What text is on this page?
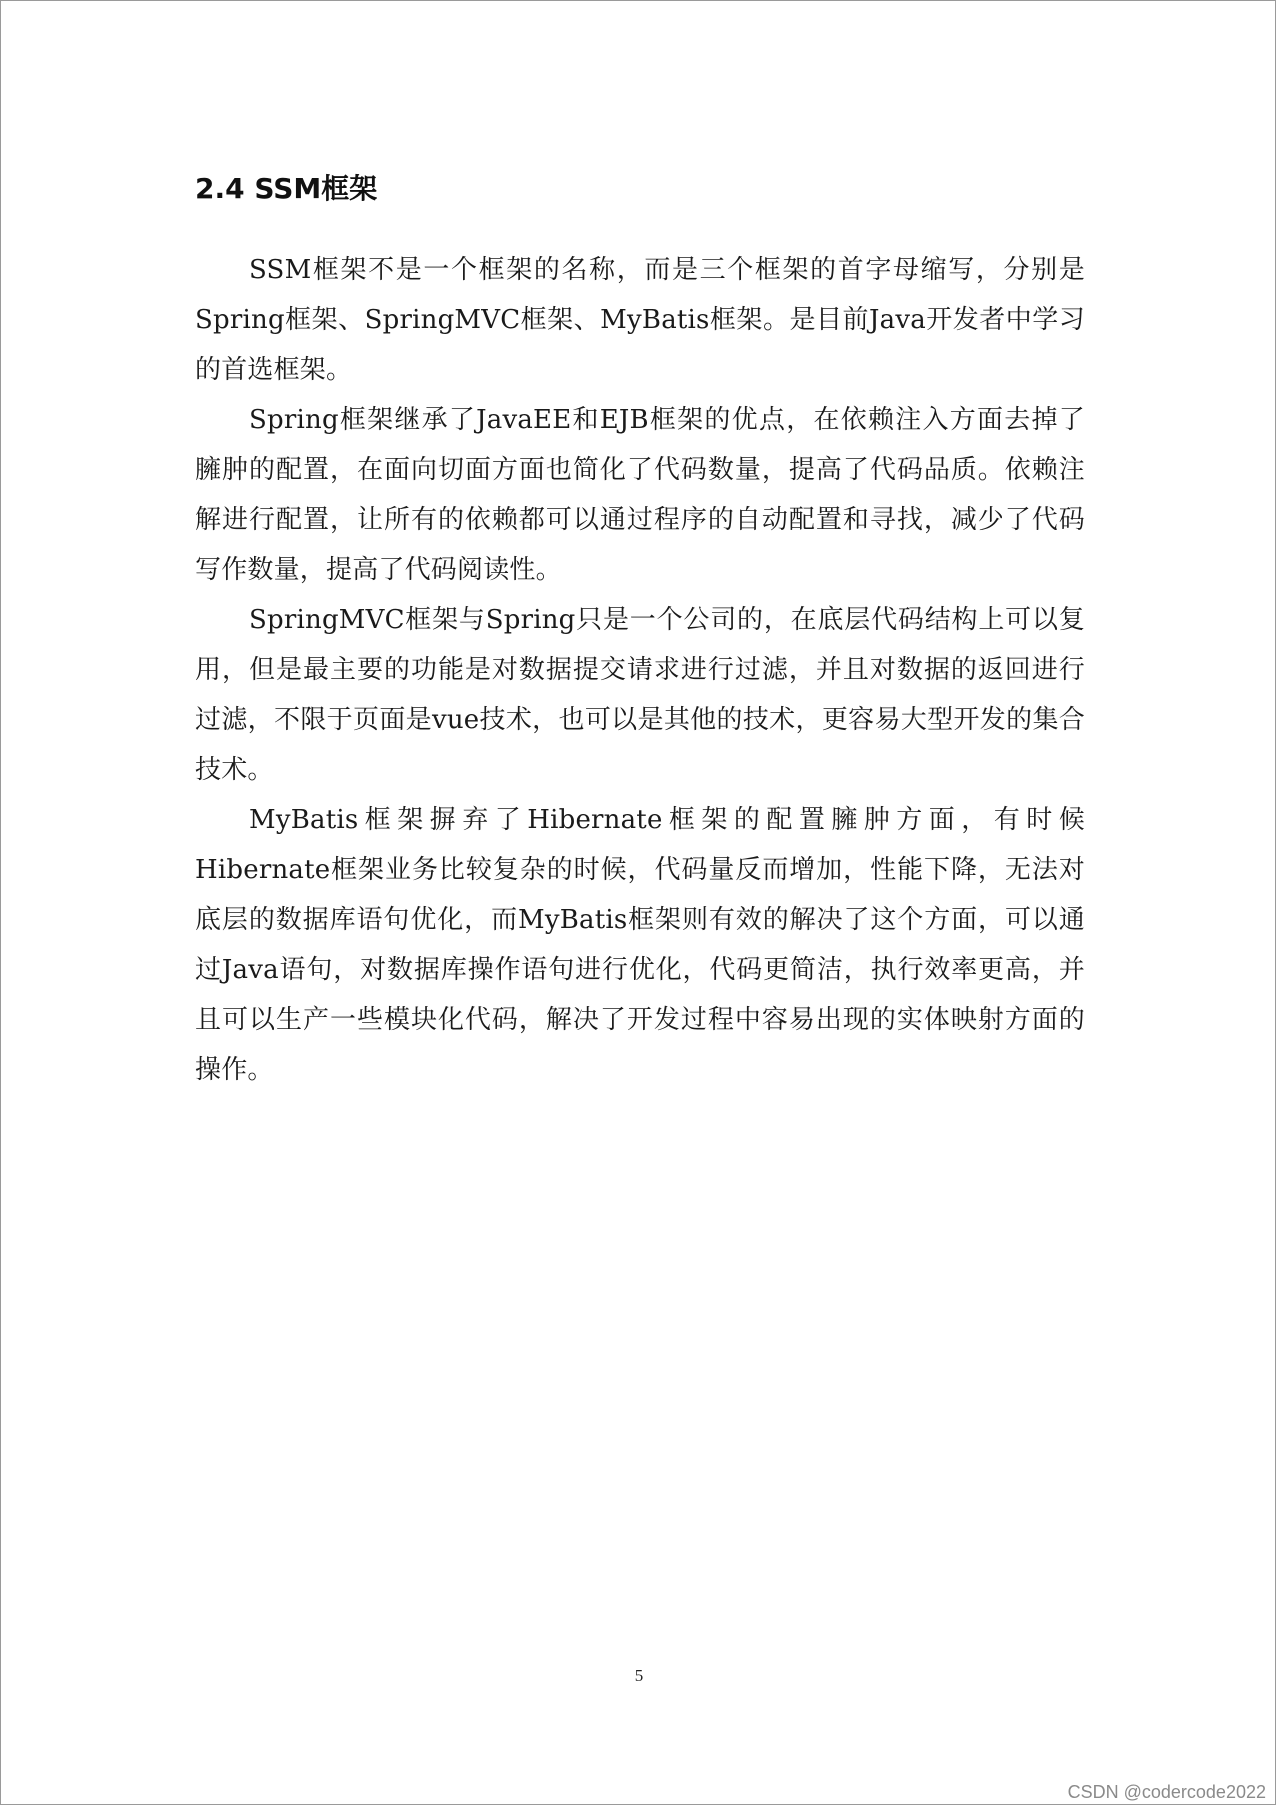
2.4 SSM框架

SSM框架不是一个框架的名称，而是三个框架的首字母缩写，分别是Spring框架、SpringMVC框架、MyBatis框架。是目前Java开发者中学习的首选框架。

Spring框架继承了JavaEE和EJB框架的优点，在依赖注入方面去掉了臃肿的配置，在面向切面方面也简化了代码数量，提高了代码品质。依赖注解进行配置，让所有的依赖都可以通过程序的自动配置和寻找，减少了代码写作数量，提高了代码阅读性。

SpringMVC框架与Spring只是一个公司的，在底层代码结构上可以复用，但是最主要的功能是对数据提交请求进行过滤，并且对数据的返回进行过滤，不限于页面是vue技术，也可以是其他的技术，更容易大型开发的集合技术。

MyBatis框架摒弃了Hibernate框架的配置臃肿方面，有时候Hibernate框架业务比较复杂的时候，代码量反而增加，性能下降，无法对底层的数据库语句优化，而MyBatis框架则有效的解决了这个方面，可以通过Java语句，对数据库操作语句进行优化，代码更简洁，执行效率更高，并且可以生产一些模块化代码，解决了开发过程中容易出现的实体映射方面的操作。

5
CSDN @codercode2022
